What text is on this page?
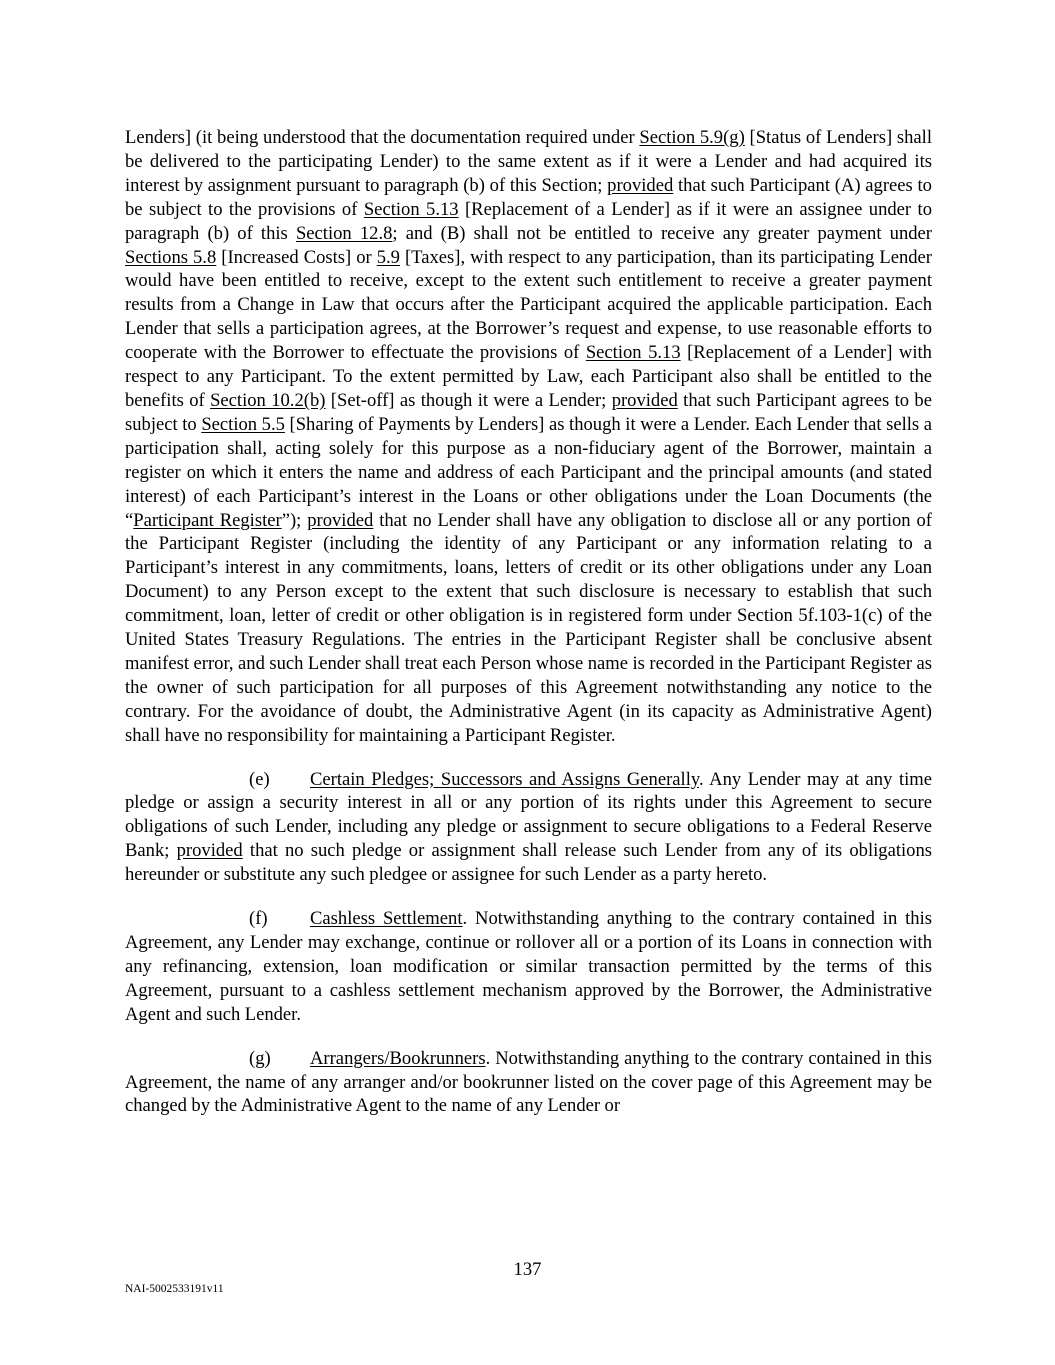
Lenders] (it being understood that the documentation required under Section 5.9(g) [Status of Lenders] shall be delivered to the participating Lender) to the same extent as if it were a Lender and had acquired its interest by assignment pursuant to paragraph (b) of this Section; provided that such Participant (A) agrees to be subject to the provisions of Section 5.13 [Replacement of a Lender] as if it were an assignee under to paragraph (b) of this Section 12.8; and (B) shall not be entitled to receive any greater payment under Sections 5.8 [Increased Costs] or 5.9 [Taxes], with respect to any participation, than its participating Lender would have been entitled to receive, except to the extent such entitlement to receive a greater payment results from a Change in Law that occurs after the Participant acquired the applicable participation. Each Lender that sells a participation agrees, at the Borrower’s request and expense, to use reasonable efforts to cooperate with the Borrower to effectuate the provisions of Section 5.13 [Replacement of a Lender] with respect to any Participant. To the extent permitted by Law, each Participant also shall be entitled to the benefits of Section 10.2(b) [Set-off] as though it were a Lender; provided that such Participant agrees to be subject to Section 5.5 [Sharing of Payments by Lenders] as though it were a Lender. Each Lender that sells a participation shall, acting solely for this purpose as a non-fiduciary agent of the Borrower, maintain a register on which it enters the name and address of each Participant and the principal amounts (and stated interest) of each Participant’s interest in the Loans or other obligations under the Loan Documents (the “Participant Register”); provided that no Lender shall have any obligation to disclose all or any portion of the Participant Register (including the identity of any Participant or any information relating to a Participant’s interest in any commitments, loans, letters of credit or its other obligations under any Loan Document) to any Person except to the extent that such disclosure is necessary to establish that such commitment, loan, letter of credit or other obligation is in registered form under Section 5f.103-1(c) of the United States Treasury Regulations. The entries in the Participant Register shall be conclusive absent manifest error, and such Lender shall treat each Person whose name is recorded in the Participant Register as the owner of such participation for all purposes of this Agreement notwithstanding any notice to the contrary. For the avoidance of doubt, the Administrative Agent (in its capacity as Administrative Agent) shall have no responsibility for maintaining a Participant Register.

(e) Certain Pledges; Successors and Assigns Generally. Any Lender may at any time pledge or assign a security interest in all or any portion of its rights under this Agreement to secure obligations of such Lender, including any pledge or assignment to secure obligations to a Federal Reserve Bank; provided that no such pledge or assignment shall release such Lender from any of its obligations hereunder or substitute any such pledgee or assignee for such Lender as a party hereto.

(f) Cashless Settlement. Notwithstanding anything to the contrary contained in this Agreement, any Lender may exchange, continue or rollover all or a portion of its Loans in connection with any refinancing, extension, loan modification or similar transaction permitted by the terms of this Agreement, pursuant to a cashless settlement mechanism approved by the Borrower, the Administrative Agent and such Lender.

(g) Arrangers/Bookrunners. Notwithstanding anything to the contrary contained in this Agreement, the name of any arranger and/or bookrunner listed on the cover page of this Agreement may be changed by the Administrative Agent to the name of any Lender or

137
NAI-5002533191v11
